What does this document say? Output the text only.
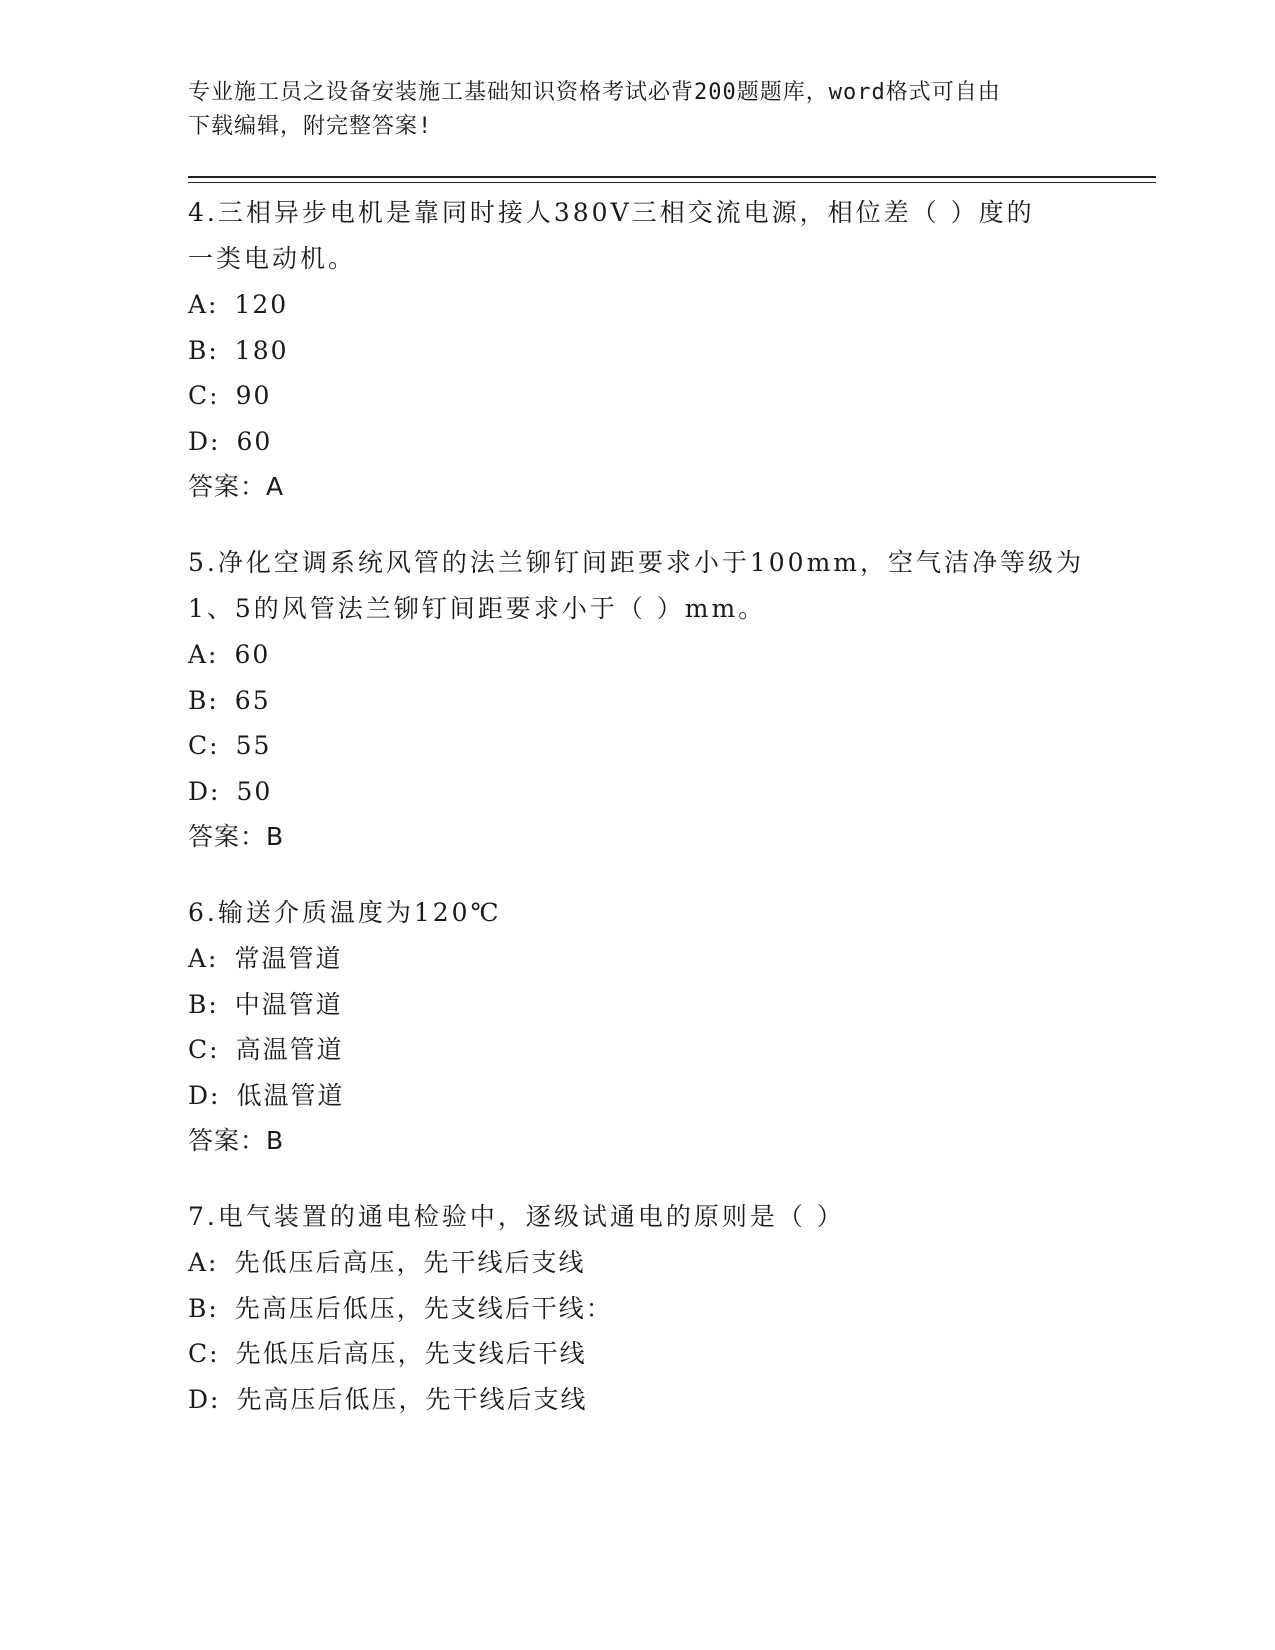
专业施工员之设备安装施工基础知识资格考试必背200题题库，word格式可自由
下载编辑，附完整答案!

4.三相异步电机是靠同时接人380V三相交流电源，相位差（ ）度的

一类电动机。

A: 120
B: 180
C: 90
D: 60

答案：A

5.净化空调系统风管的法兰铆钉间距要求小于100mm，空气洁净等级为

1、5的风管法兰铆钉间距要求小于（ ）mm。

A: 60
B: 65
C: 55
D: 50

答案：B

6.输送介质温度为120℃

A: 常温管道
B: 中温管道
C: 高温管道
D: 低温管道

答案：B

7.电气装置的通电检验中，逐级试通电的原则是（ ）

A: 先低压后高压，先干线后支线
B: 先高压后低压，先支线后干线：
C: 先低压后高压，先支线后干线
D: 先高压后低压，先干线后支线
